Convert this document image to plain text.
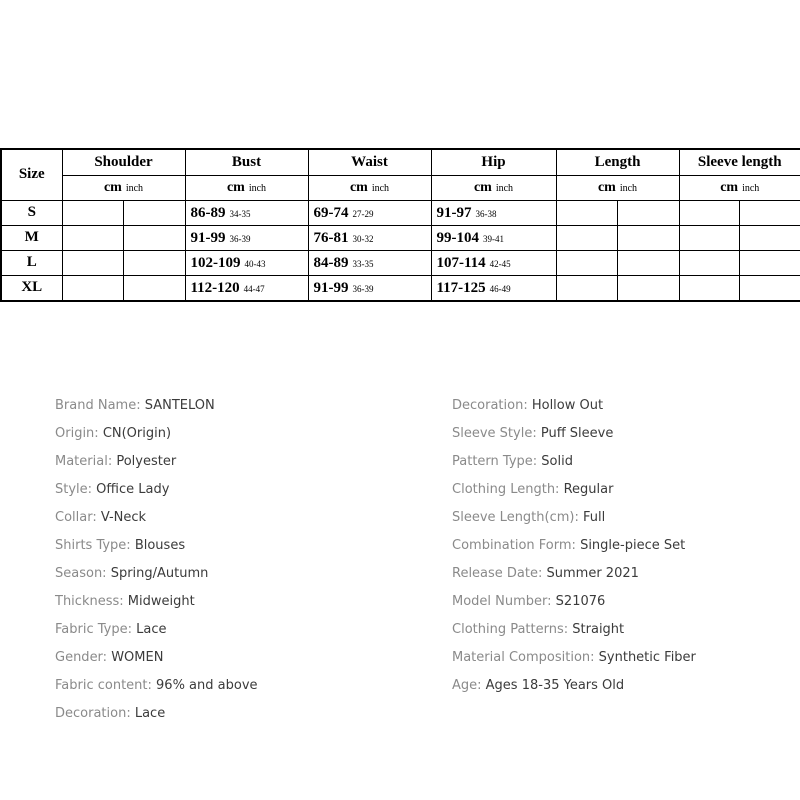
Size	Shoulder	Bust	Waist	Hip	Length	Sleeve length
	cm inch	cm inch	cm inch	cm inch	cm inch	cm inch
S		86-89 34-35	69-74 27-29	91-97 36-38	

M		91-99 36-39	76-81 30-32	99-104 39-41	

L		102-109 40-43	84-89 33-35	107-114 42-45	

XL		112-120 44-47	91-99 36-39	117-125 46-49	

Brand Name: SANTELON
Origin: CN(Origin)
Material: Polyester
Style: Office Lady
Collar: V-Neck
Shirts Type: Blouses
Season: Spring/Autumn
Thickness: Midweight
Fabric Type: Lace
Gender: WOMEN
Fabric content: 96% and above
Decoration: Lace
Decoration: Hollow Out
Sleeve Style: Puff Sleeve
Pattern Type: Solid
Clothing Length: Regular
Sleeve Length(cm): Full
Combination Form: Single-piece Set
Release Date: Summer 2021
Model Number: S21076
Clothing Patterns: Straight
Material Composition: Synthetic Fiber
Age: Ages 18-35 Years Old
